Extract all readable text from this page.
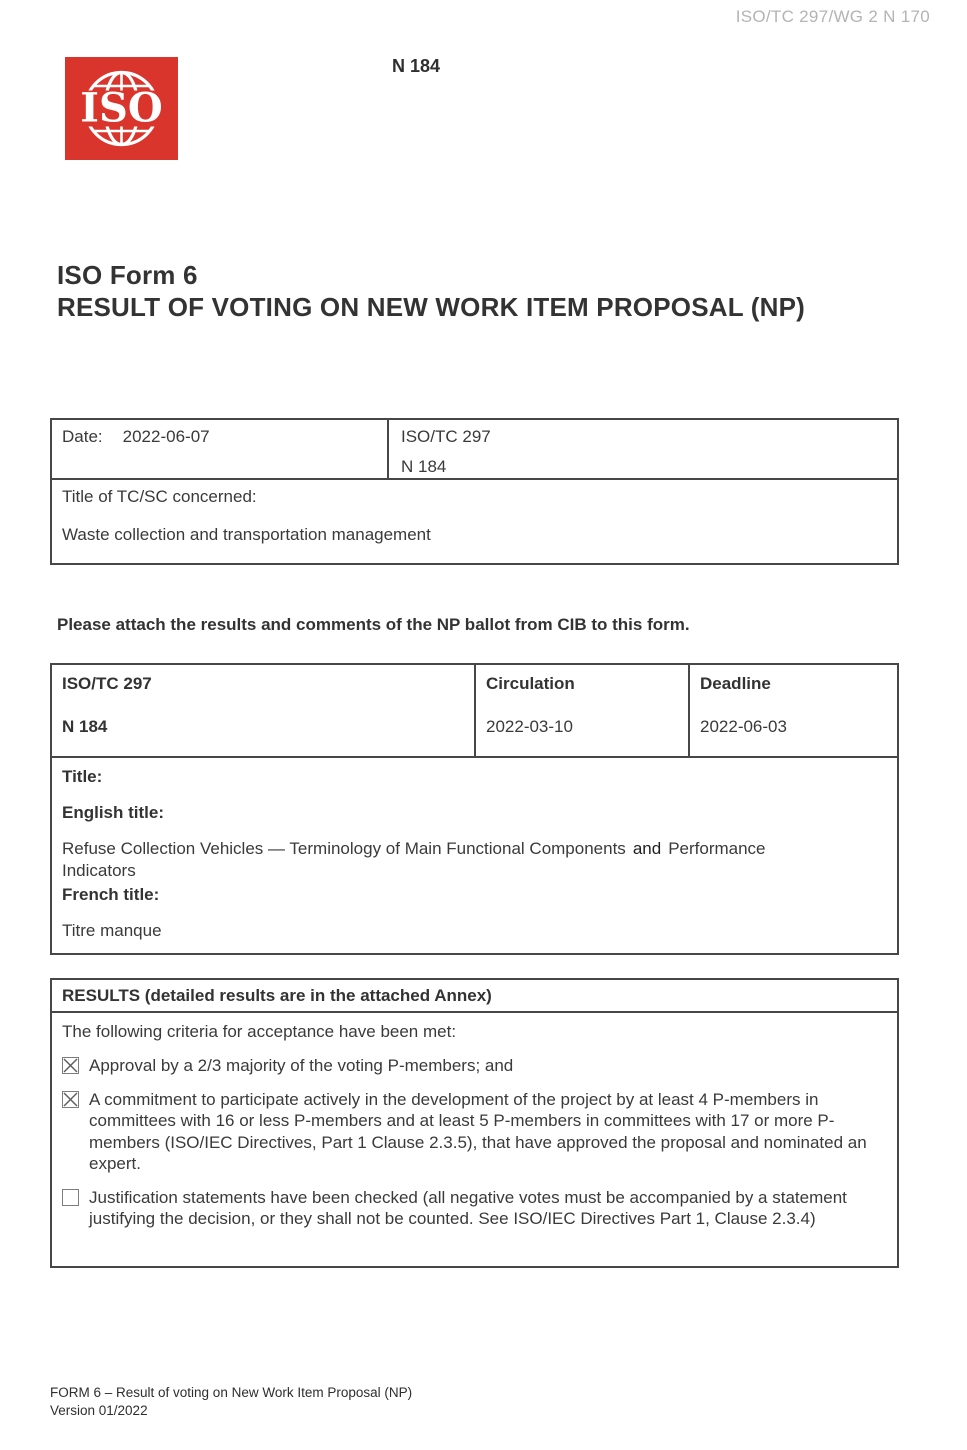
ISO/TC 297/WG 2 N 170
ISO
N 184
ISO Form 6
RESULT OF VOTING ON NEW WORK ITEM PROPOSAL (NP)
Date: 2022-06-07	ISO/TC 297
N 184
Title of TC/SC concerned:
Waste collection and transportation management
Please attach the results and comments of the NP ballot from CIB to this form.
ISO/TC 297
N 184
Circulation
2022-03-10
Deadline
2022-06-03

Title:

English title:

Refuse Collection Vehicles — Terminology of Main Functional Components and Performance Indicators

French title:

Titre manque

RESULTS (detailed results are in the attached Annex)

The following criteria for acceptance have been met:

Approval by a 2/3 majority of the voting P-members; and
A commitment to participate actively in the development of the project by at least 4 P-members in committees with 16 or less P-members and at least 5 P-members in committees with 17 or more P-members (ISO/IEC Directives, Part 1 Clause 2.3.5), that have approved the proposal and nominated an expert.
Justification statements have been checked (all negative votes must be accompanied by a statement justifying the decision, or they shall not be counted. See ISO/IEC Directives Part 1, Clause 2.3.4)
FORM 6 – Result of voting on New Work Item Proposal (NP)
Version 01/2022
